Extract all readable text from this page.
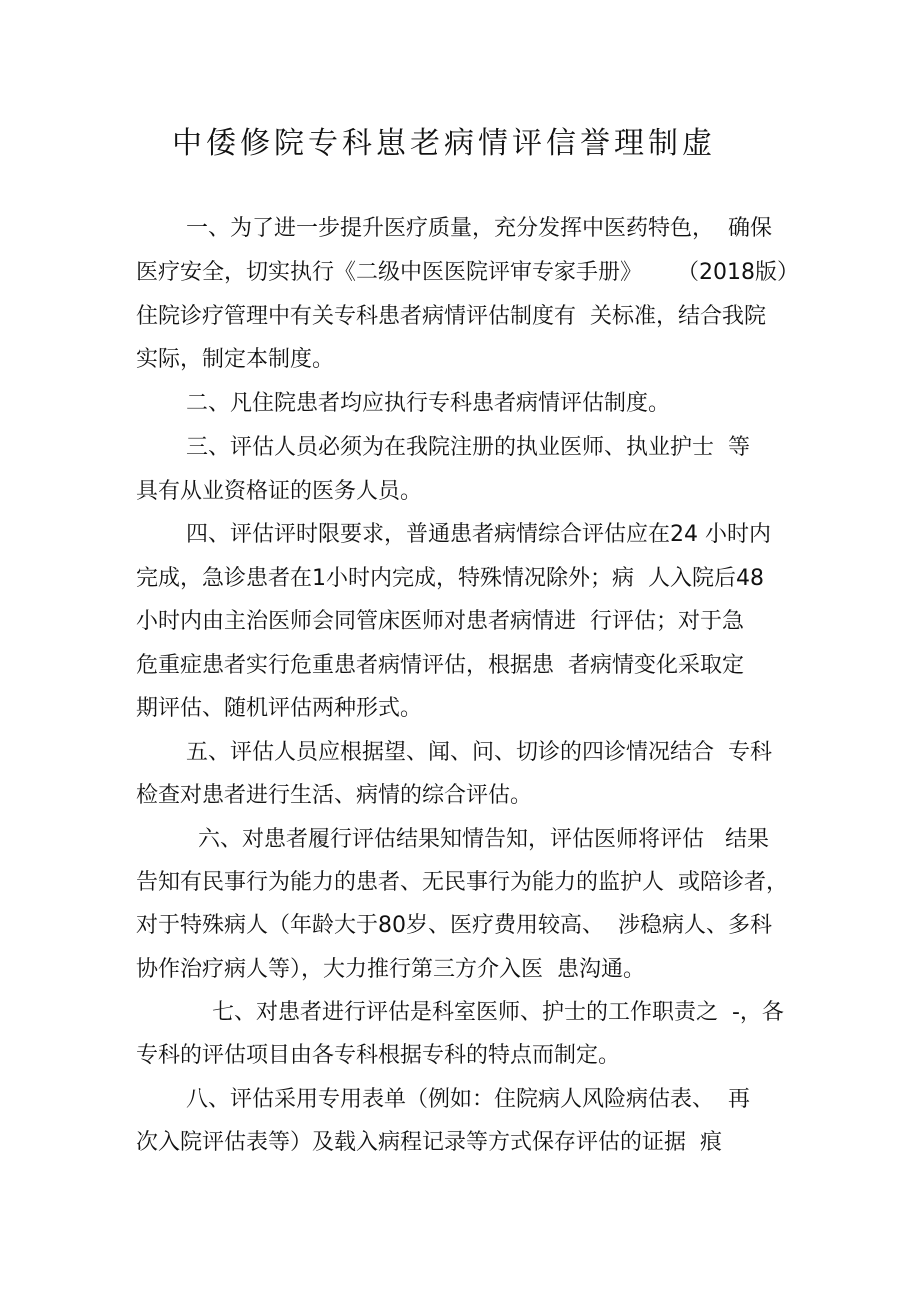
中倭修院专科崽老病情评信誉理制虚
一、为了进一步提升医疗质量，充分发挥中医药特色，  确保
医疗安全，切实执行《二级中医医院评审专家手册》     （2018版）
住院诊疗管理中有关专科患者病情评估制度有  关标准，结合我院
实际，制定本制度。
二、凡住院患者均应执行专科患者病情评估制度。
三、评估人员必须为在我院注册的执业医师、执业护士  等
具有从业资格证的医务人员。
四、评估评时限要求，普通患者病情综合评估应在24 小时内
完成，急诊患者在1小时内完成，特殊情况除外；病  人入院后48
小时内由主治医师会同管床医师对患者病情进  行评估；对于急
危重症患者实行危重患者病情评估，根据患  者病情变化采取定
期评估、随机评估两种形式。
五、评估人员应根据望、闻、问、切诊的四诊情况结合  专科
检查对患者进行生活、病情的综合评估。
六、对患者履行评估结果知情告知，评估医师将评估   结果
告知有民事行为能力的患者、无民事行为能力的监护人  或陪诊者，
对于特殊病人（年龄大于80岁、医疗费用较高、  涉稳病人、多科
协作治疗病人等），大力推行第三方介入医  患沟通。
七、对患者进行评估是科室医师、护士的工作职责之  -，各
专科的评估项目由各专科根据专科的特点而制定。
八、评估采用专用表单（例如：住院病人风险病估表、  再
次入院评估表等）及载入病程记录等方式保存评估的证据  痕
